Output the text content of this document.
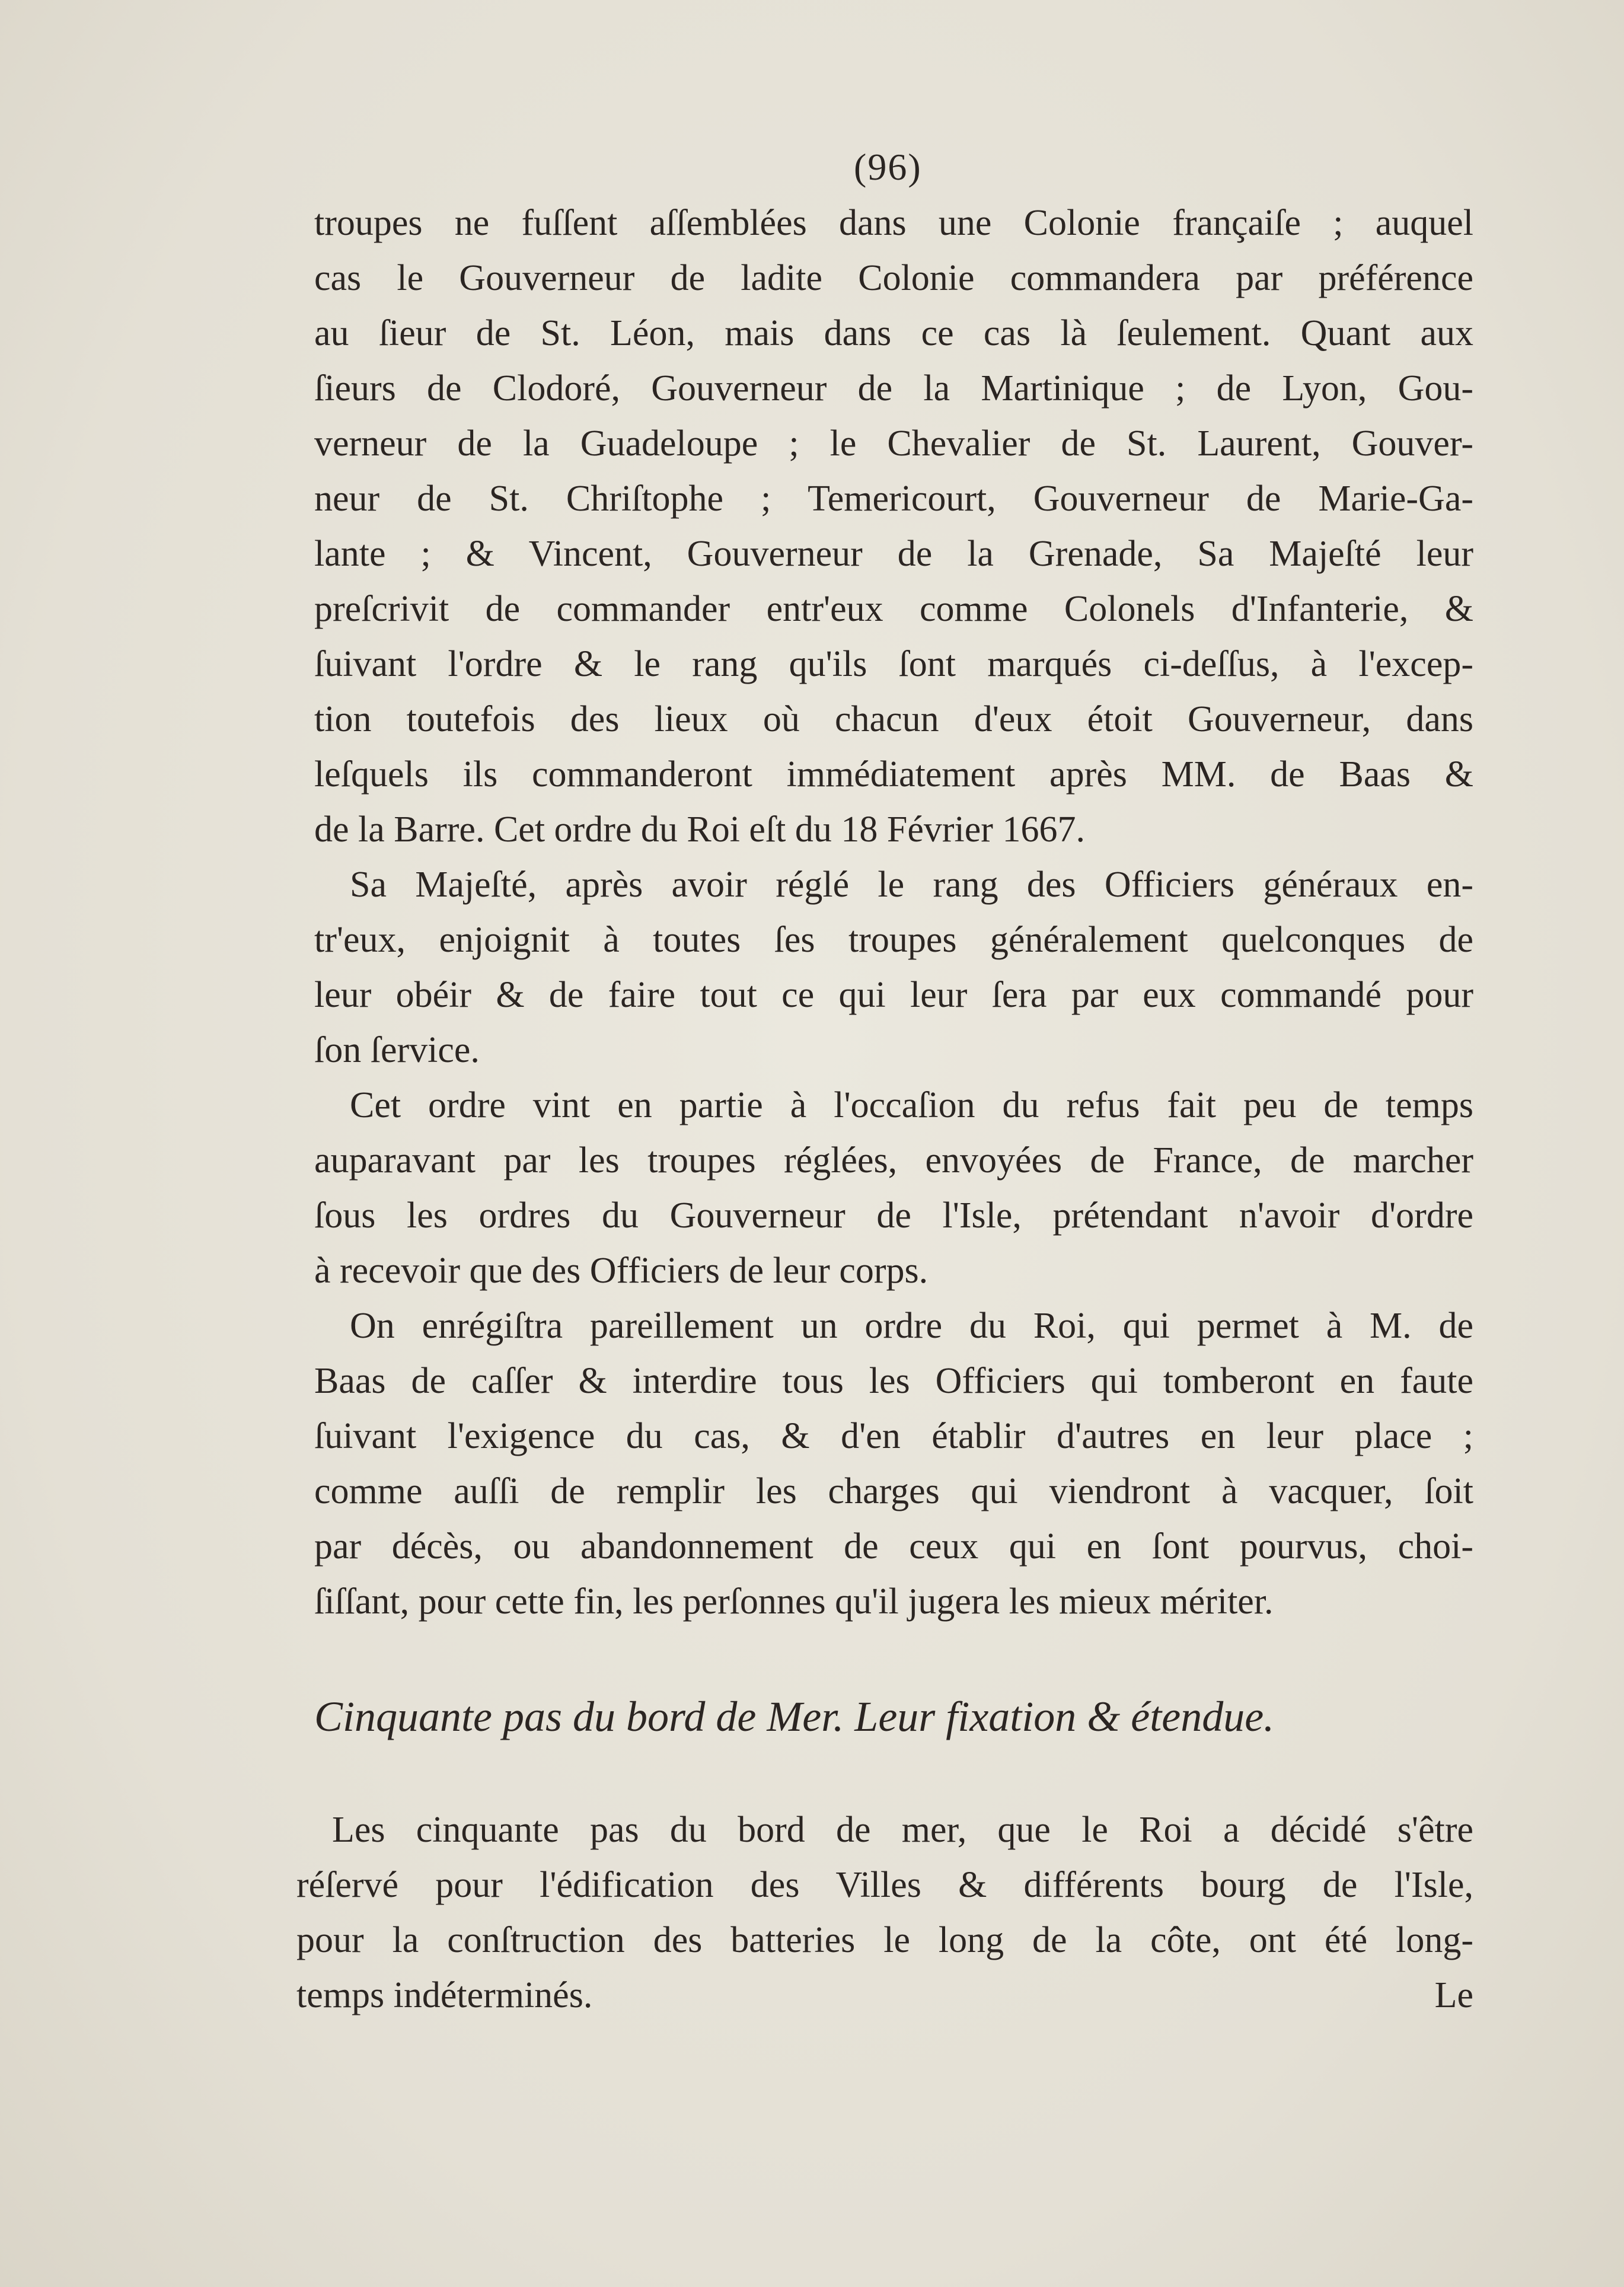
(96)
troupes ne fuſſent aſſemblées dans une Colonie françaiſe ; auquel
cas le Gouverneur de ladite Colonie commandera par préférence
au ſieur de St. Léon, mais dans ce cas là ſeulement. Quant aux
ſieurs de Clodoré, Gouverneur de la Martinique ; de Lyon, Gou-
verneur de la Guadeloupe ; le Chevalier de St. Laurent, Gouver-
neur de St. Chriſtophe ; Temericourt, Gouverneur de Marie-Ga-
lante ; & Vincent, Gouverneur de la Grenade, Sa Majeſté leur
preſcrivit de commander entr'eux comme Colonels d'Infanterie, &
ſuivant l'ordre & le rang qu'ils ſont marqués ci-deſſus, à l'excep-
tion toutefois des lieux où chacun d'eux étoit Gouverneur, dans
leſquels ils commanderont immédiatement après MM. de Baas &
de la Barre. Cet ordre du Roi eſt du 18 Février 1667.
Sa Majeſté, après avoir réglé le rang des Officiers généraux en-
tr'eux, enjoignit à toutes ſes troupes généralement quelconques de
leur obéir & de faire tout ce qui leur ſera par eux commandé pour
ſon ſervice.
Cet ordre vint en partie à l'occaſion du refus fait peu de temps
auparavant par les troupes réglées, envoyées de France, de marcher
ſous les ordres du Gouverneur de l'Isle, prétendant n'avoir d'ordre
à recevoir que des Officiers de leur corps.
On enrégiſtra pareillement un ordre du Roi, qui permet à M. de
Baas de caſſer & interdire tous les Officiers qui tomberont en faute
ſuivant l'exigence du cas, & d'en établir d'autres en leur place ;
comme auſſi de remplir les charges qui viendront à vacquer, ſoit
par décès, ou abandonnement de ceux qui en ſont pourvus, choi-
ſiſſant, pour cette fin, les perſonnes qu'il jugera les mieux mériter.
Cinquante pas du bord de Mer. Leur fixation & étendue.
Les cinquante pas du bord de mer, que le Roi a décidé s'être
réſervé pour l'édification des Villes & différents bourg de l'Isle,
pour la conſtruction des batteries le long de la côte, ont été long-
temps indéterminés.	Le
